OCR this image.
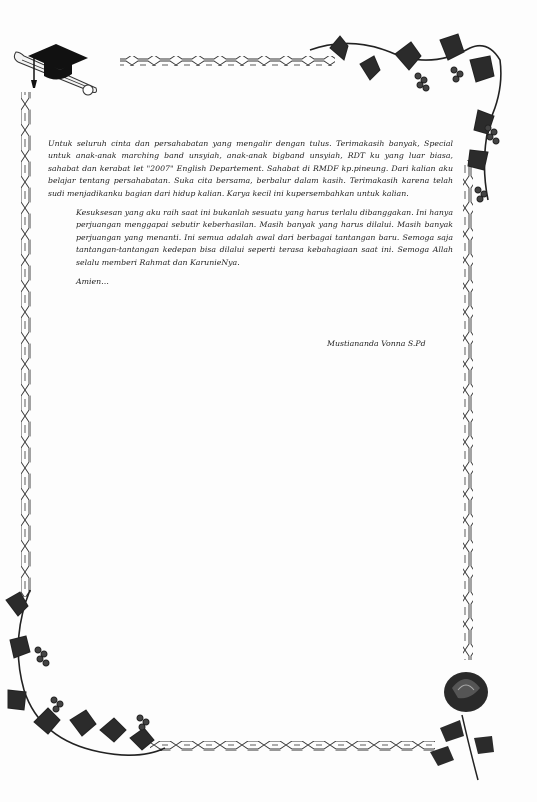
Untuk seluruh cinta dan persahabatan yang mengalir dengan tulus. Terimakasih banyak, Special untuk anak-anak marching band unsyiah, anak-anak bigband unsyiah, RDT ku yang luar biasa, sahabat dan kerabat let "2007" English Departement. Sahabat di RMDF kp.pineung. Dari kalian aku belajar tentang persahabatan. Suka cita bersama, berbalur dalam kasih. Terimakasih karena telah sudi menjadikanku bagian dari hidup kalian. Karya kecil ini kupersembahkan untuk kalian.

Kesuksesan yang aku raih saat ini bukanlah sesuatu yang harus terlalu dibanggakan. Ini hanya perjuangan menggapai sebutir keberhasilan. Masih banyak yang harus dilalui. Masih banyak perjuangan yang menanti. Ini semua adalah awal dari berbagai tantangan baru. Semoga saja tantangan-tantangan kedepan bisa dilalui seperti terasa kebahagiaan saat ini. Semoga Allah selalu memberi Rahmat dan KarunieNya.

Amien…

Mustiananda Vonna S.Pd
